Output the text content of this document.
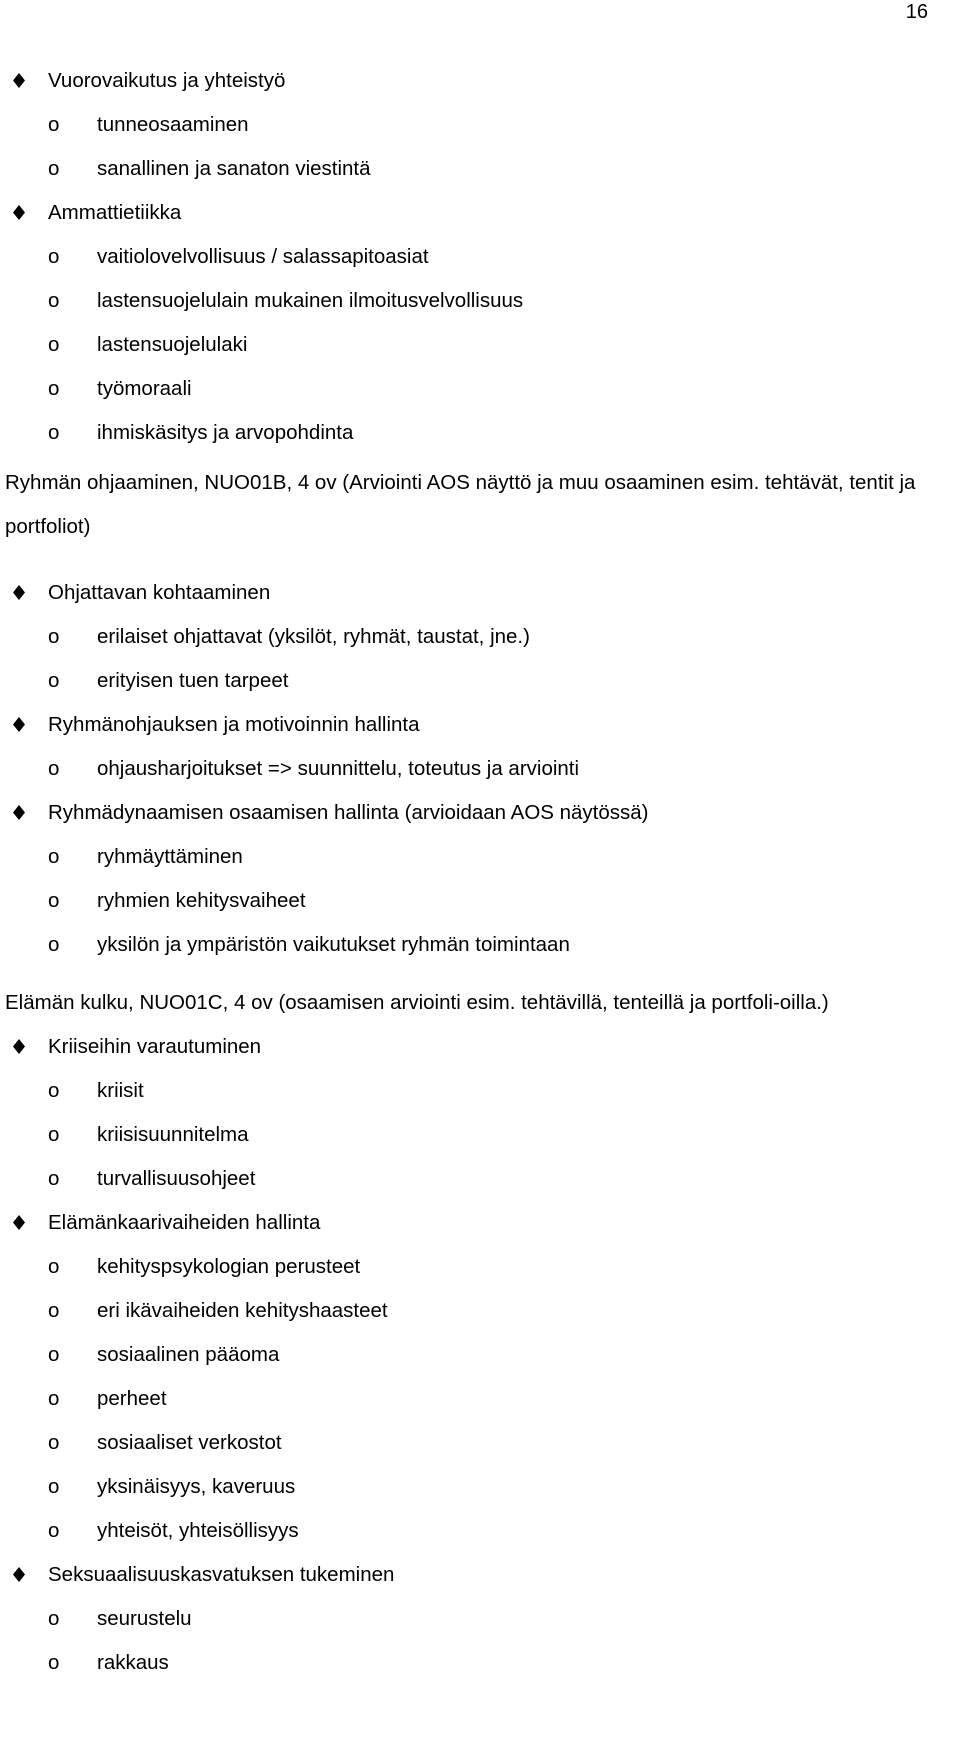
16
Vuorovaikutus ja yhteistyö
o tunneosaaminen
o sanallinen ja sanaton viestintä
Ammattietiikka
o vaitiolovelvollisuus / salassapitoasiat
o lastensuojelulain mukainen ilmoitusvelvollisuus
o lastensuojelulaki
o työmoraali
o ihmiskäsitys ja arvopohdinta
Ryhmän ohjaaminen, NUO01B, 4 ov (Arviointi AOS näyttö ja muu osaaminen esim. tehtävät, tentit ja portfoliot)
Ohjattavan kohtaaminen
o erilaiset ohjattavat (yksilöt, ryhmät, taustat, jne.)
o erityisen tuen tarpeet
Ryhmänohjauksen ja motivoinnin hallinta
o ohjausharjoitukset => suunnittelu, toteutus ja arviointi
Ryhmädynaamisen osaamisen hallinta (arvioidaan AOS näytössä)
o ryhmäyttäminen
o ryhmien kehitysvaiheet
o yksilön ja ympäristön vaikutukset ryhmän toimintaan
Elämän kulku, NUO01C, 4 ov (osaamisen arviointi esim. tehtävillä, tenteillä ja portfoli-oilla.)
Kriiseihin varautuminen
o kriisit
o kriisisuunnitelma
o turvallisuusohjeet
Elämänkaarivaiheiden hallinta
o kehityspsykologian perusteet
o eri ikävaiheiden kehityshaasteet
o sosiaalinen pääoma
o perheet
o sosiaaliset verkostot
o yksinäisyys, kaveruus
o yhteisöt, yhteisöllisyys
Seksuaalisuuskasvatuksen tukeminen
o seurustelu
o rakkaus
